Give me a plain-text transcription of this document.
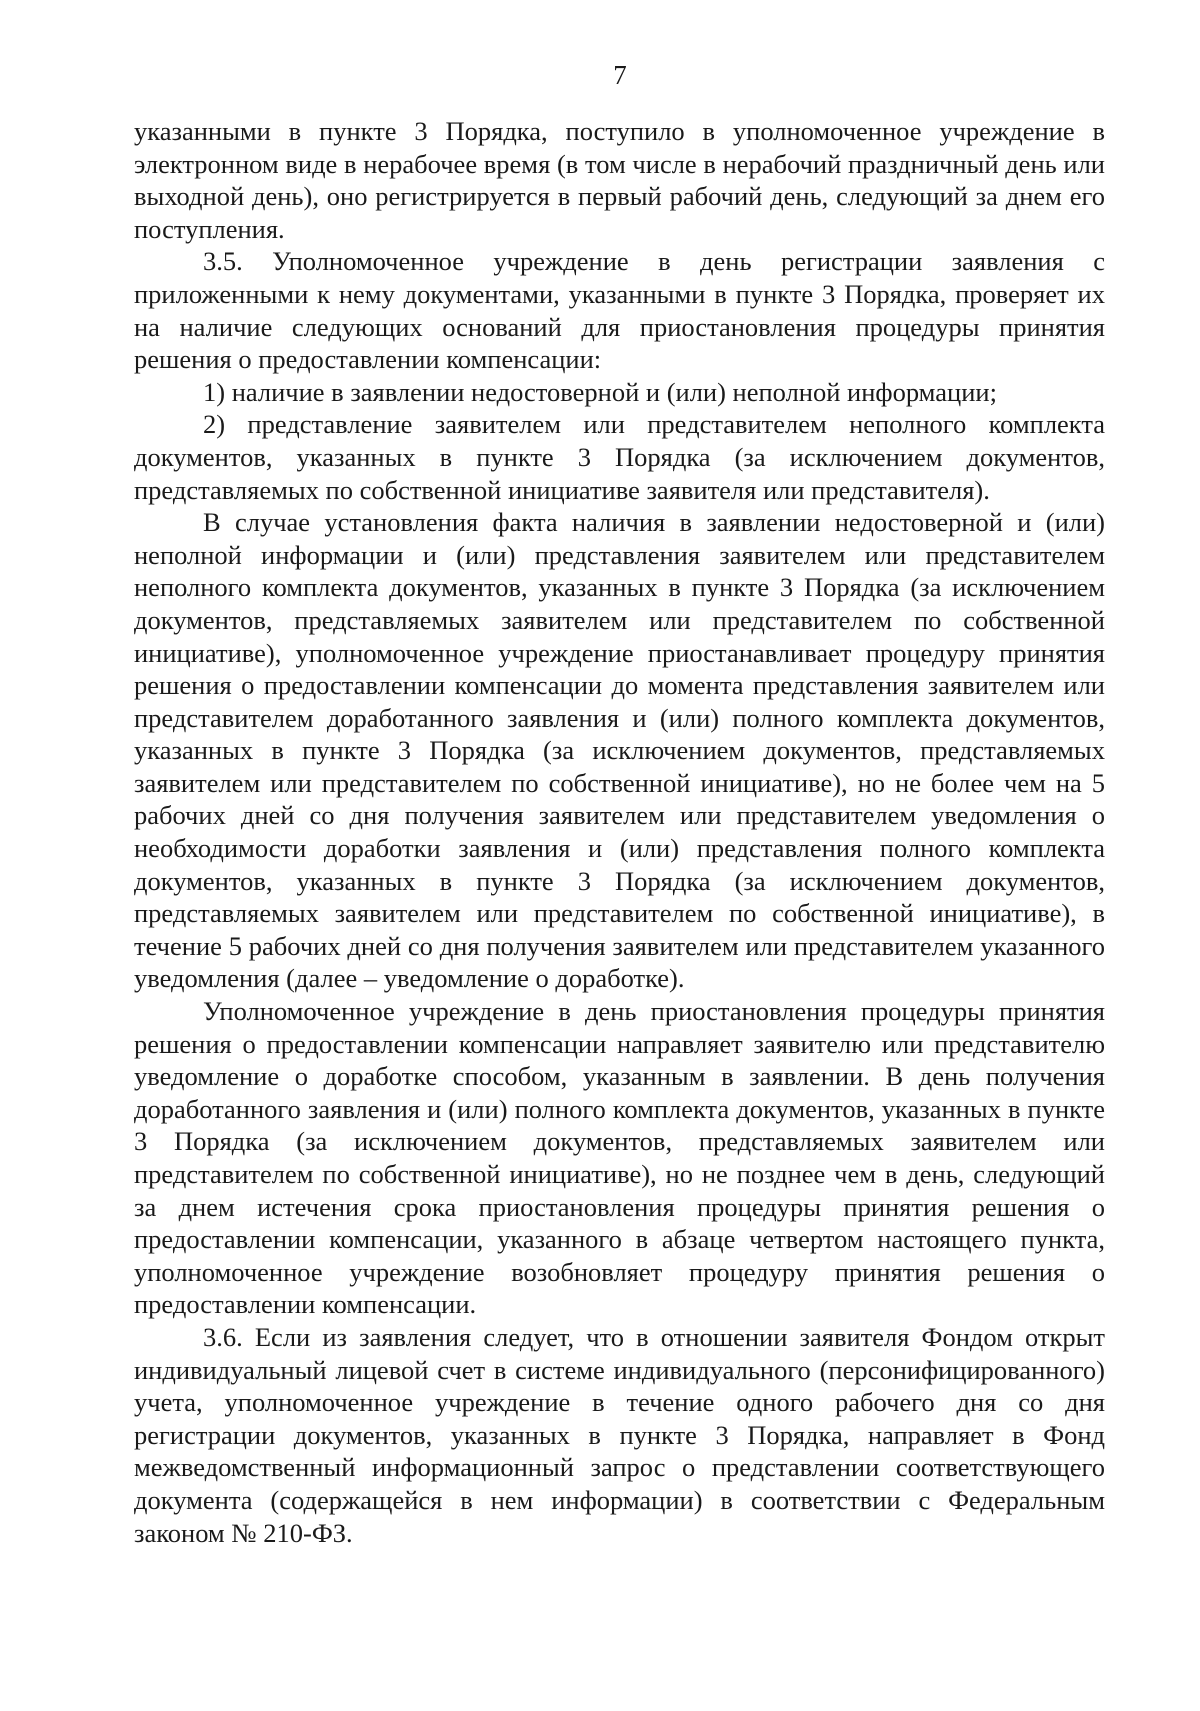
7

указанными в пункте 3 Порядка, поступило в уполномоченное учреждение в электронном виде в нерабочее время (в том числе в нерабочий праздничный день или выходной день), оно регистрируется в первый рабочий день, следующий за днем его поступления.

3.5. Уполномоченное учреждение в день регистрации заявления с приложенными к нему документами, указанными в пункте 3 Порядка, проверяет их на наличие следующих оснований для приостановления процедуры принятия решения о предоставлении компенсации:

1) наличие в заявлении недостоверной и (или) неполной информации;

2) представление заявителем или представителем неполного комплекта документов, указанных в пункте 3 Порядка (за исключением документов, представляемых по собственной инициативе заявителя или представителя).

В случае установления факта наличия в заявлении недостоверной и (или) неполной информации и (или) представления заявителем или представителем неполного комплекта документов, указанных в пункте 3 Порядка (за исключением документов, представляемых заявителем или представителем по собственной инициативе), уполномоченное учреждение приостанавливает процедуру принятия решения о предоставлении компенсации до момента представления заявителем или представителем доработанного заявления и (или) полного комплекта документов, указанных в пункте 3 Порядка (за исключением документов, представляемых заявителем или представителем по собственной инициативе), но не более чем на 5 рабочих дней со дня получения заявителем или представителем уведомления о необходимости доработки заявления и (или) представления полного комплекта документов, указанных в пункте 3 Порядка (за исключением документов, представляемых заявителем или представителем по собственной инициативе), в течение 5 рабочих дней со дня получения заявителем или представителем указанного уведомления (далее – уведомление о доработке).

Уполномоченное учреждение в день приостановления процедуры принятия решения о предоставлении компенсации направляет заявителю или представителю уведомление о доработке способом, указанным в заявлении. В день получения доработанного заявления и (или) полного комплекта документов, указанных в пункте 3 Порядка (за исключением документов, представляемых заявителем или представителем по собственной инициативе), но не позднее чем в день, следующий за днем истечения срока приостановления процедуры принятия решения о предоставлении компенсации, указанного в абзаце четвертом настоящего пункта, уполномоченное учреждение возобновляет процедуру принятия решения о предоставлении компенсации.

3.6. Если из заявления следует, что в отношении заявителя Фондом открыт индивидуальный лицевой счет в системе индивидуального (персонифицированного) учета, уполномоченное учреждение в течение одного рабочего дня со дня регистрации документов, указанных в пункте 3 Порядка, направляет в Фонд межведомственный информационный запрос о представлении соответствующего документа (содержащейся в нем информации) в соответствии с Федеральным законом № 210-ФЗ.
